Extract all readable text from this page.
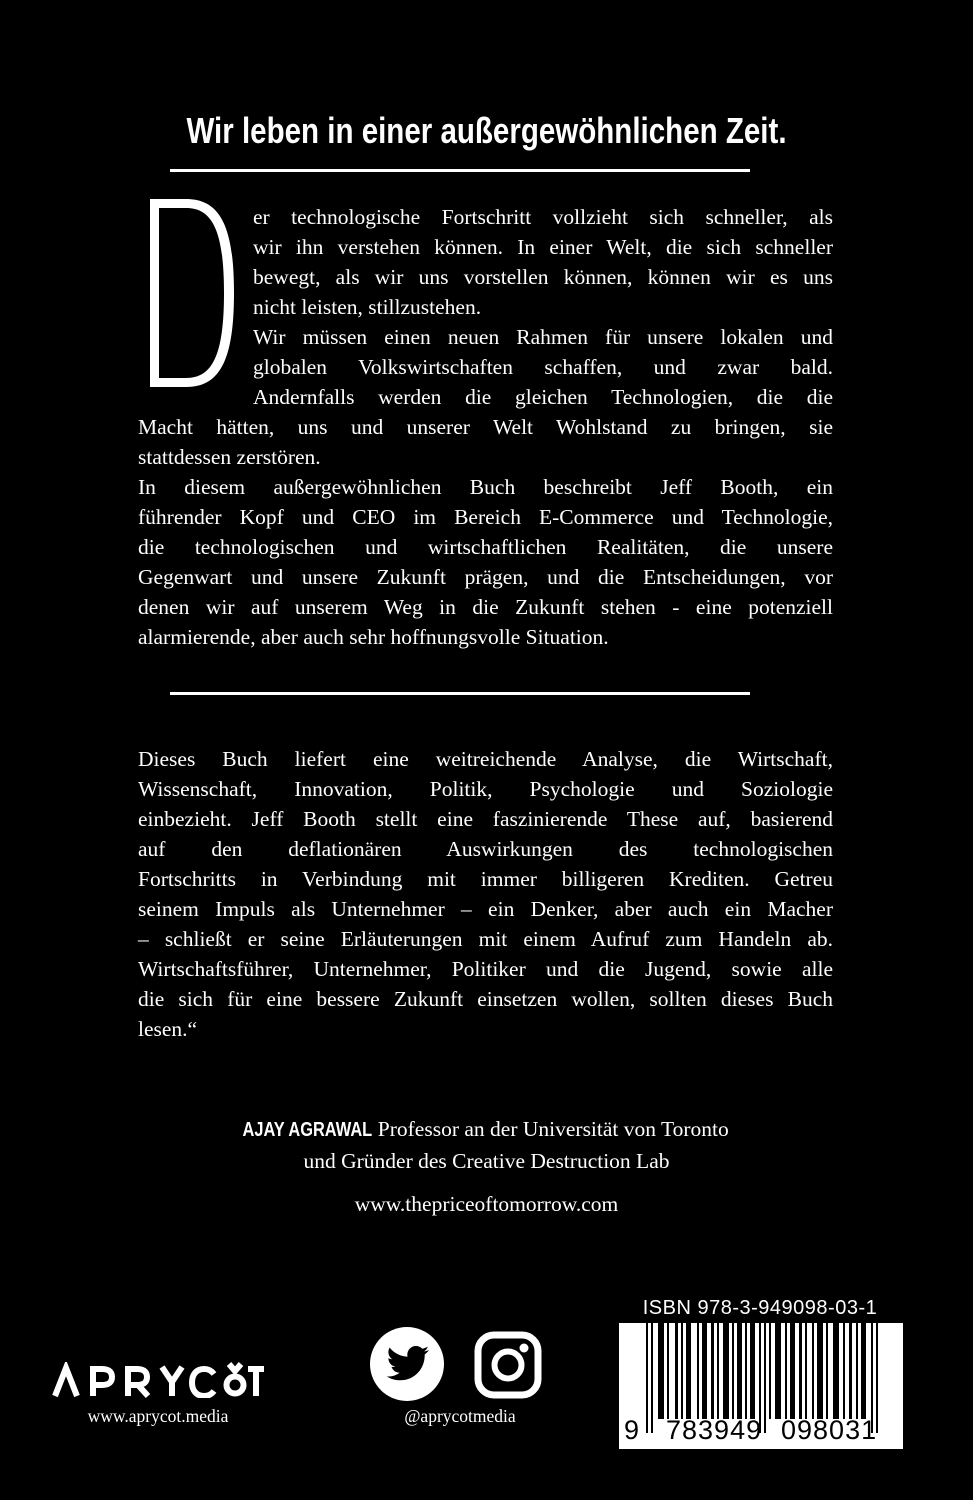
Wir leben in einer außergewöhnlichen Zeit.
er technologische Fortschritt vollzieht sich schneller, als
wir ihn verstehen können. In einer Welt, die sich schneller
bewegt, als wir uns vorstellen können, können wir es uns
nicht leisten, stillzustehen.
Wir müssen einen neuen Rahmen für unsere lokalen und
globalen Volkswirtschaften schaffen, und zwar bald.
Andernfalls werden die gleichen Technologien, die die
Macht hätten, uns und unserer Welt Wohlstand zu bringen, sie
stattdessen zerstören.
In diesem außergewöhnlichen Buch beschreibt Jeff Booth, ein
führender Kopf und CEO im Bereich E-Commerce und Technologie,
die technologischen und wirtschaftlichen Realitäten, die unsere
Gegenwart und unsere Zukunft prägen, und die Entscheidungen, vor
denen wir auf unserem Weg in die Zukunft stehen - eine potenziell
alarmierende, aber auch sehr hoffnungsvolle Situation.
Dieses Buch liefert eine weitreichende Analyse, die Wirtschaft,
Wissenschaft, Innovation, Politik, Psychologie und Soziologie
einbezieht. Jeff Booth stellt eine faszinierende These auf, basierend
auf den deflationären Auswirkungen des technologischen
Fortschritts in Verbindung mit immer billigeren Krediten. Getreu
seinem Impuls als Unternehmer – ein Denker, aber auch ein Macher
– schließt er seine Erläuterungen mit einem Aufruf zum Handeln ab.
Wirtschaftsführer, Unternehmer, Politiker und die Jugend, sowie alle
die sich für eine bessere Zukunft einsetzen wollen, sollten dieses Buch
lesen.“
AJAY AGRAWAL Professor an der Universität von Toronto
und Gründer des Creative Destruction Lab
www.thepriceoftomorrow.com
www.aprycot.media	@aprycotmedia
ISBN 978-3-949098-03-1
9 783949 098031
